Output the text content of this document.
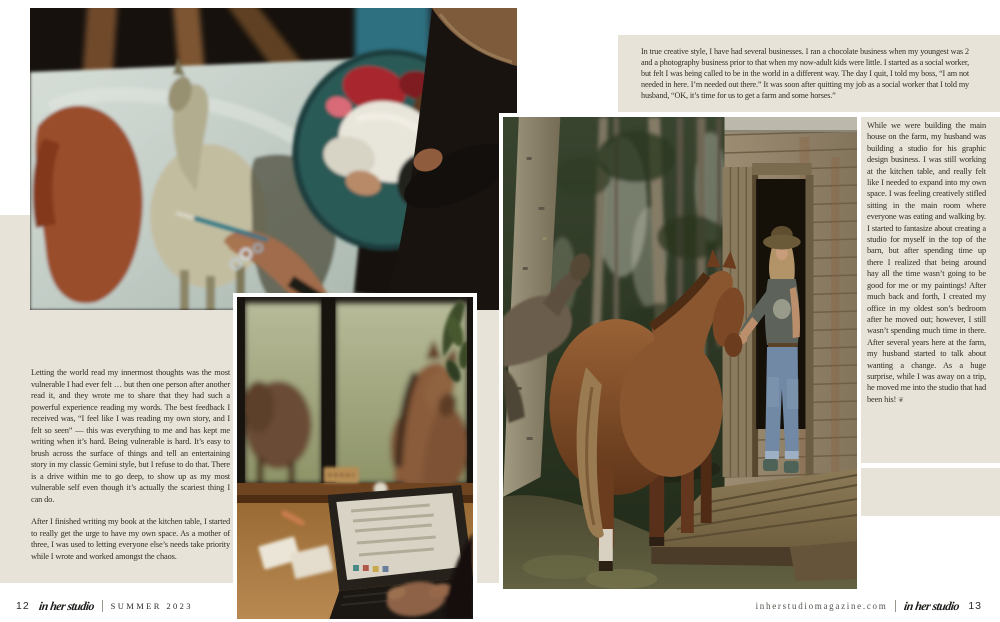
In true creative style, I have had several businesses. I ran a chocolate business when my youngest was 2 and a photography business prior to that when my now-adult kids were little. I started as a social worker, but felt I was being called to be in the world in a different way. The day I quit, I told my boss, “I am not needed in here. I’m needed out there.” It was soon after quitting my job as a social worker that I told my husband, “OK, it’s time for us to get a farm and some horses.”
While we were building the main house on the farm, my husband was building a studio for his graphic design business. I was still working at the kitchen table, and really felt like I needed to expand into my own space. I was feeling creatively stifled sitting in the main room where everyone was eating and walking by. I started to fantasize about creating a studio for myself in the top of the barn, but after spending time up there I realized that being around hay all the time wasn’t going to be good for me or my paintings! After much back and forth, I created my office in my oldest son’s bedroom after he moved out; however, I still wasn’t spending much time in there. After several years here at the farm, my husband started to talk about wanting a change. As a huge surprise, while I was away on a trip, he moved me into the studio that had been his! ❦
Letting the world read my innermost thoughts was the most vulnerable I had ever felt … but then one person after another read it, and they wrote me to share that they had such a powerful experience reading my words. The best feedback I received was, “I feel like I was reading my own story, and I felt so seen” — this was everything to me and has kept me writing when it’s hard. Being vulnerable is hard. It’s easy to brush across the surface of things and tell an entertaining story in my classic Gemini style, but I refuse to do that. There is a drive within me to go deep, to show up as my most vulnerable self even though it’s actually the scariest thing I can do.
After I finished writing my book at the kitchen table, I started to really get the urge to have my own space. As a mother of three, I was used to letting everyone else’s needs take priority while I wrote and worked amongst the chaos.
12 in her studio SUMMER 2023	inherstudiomagazine.com in her studio 13
